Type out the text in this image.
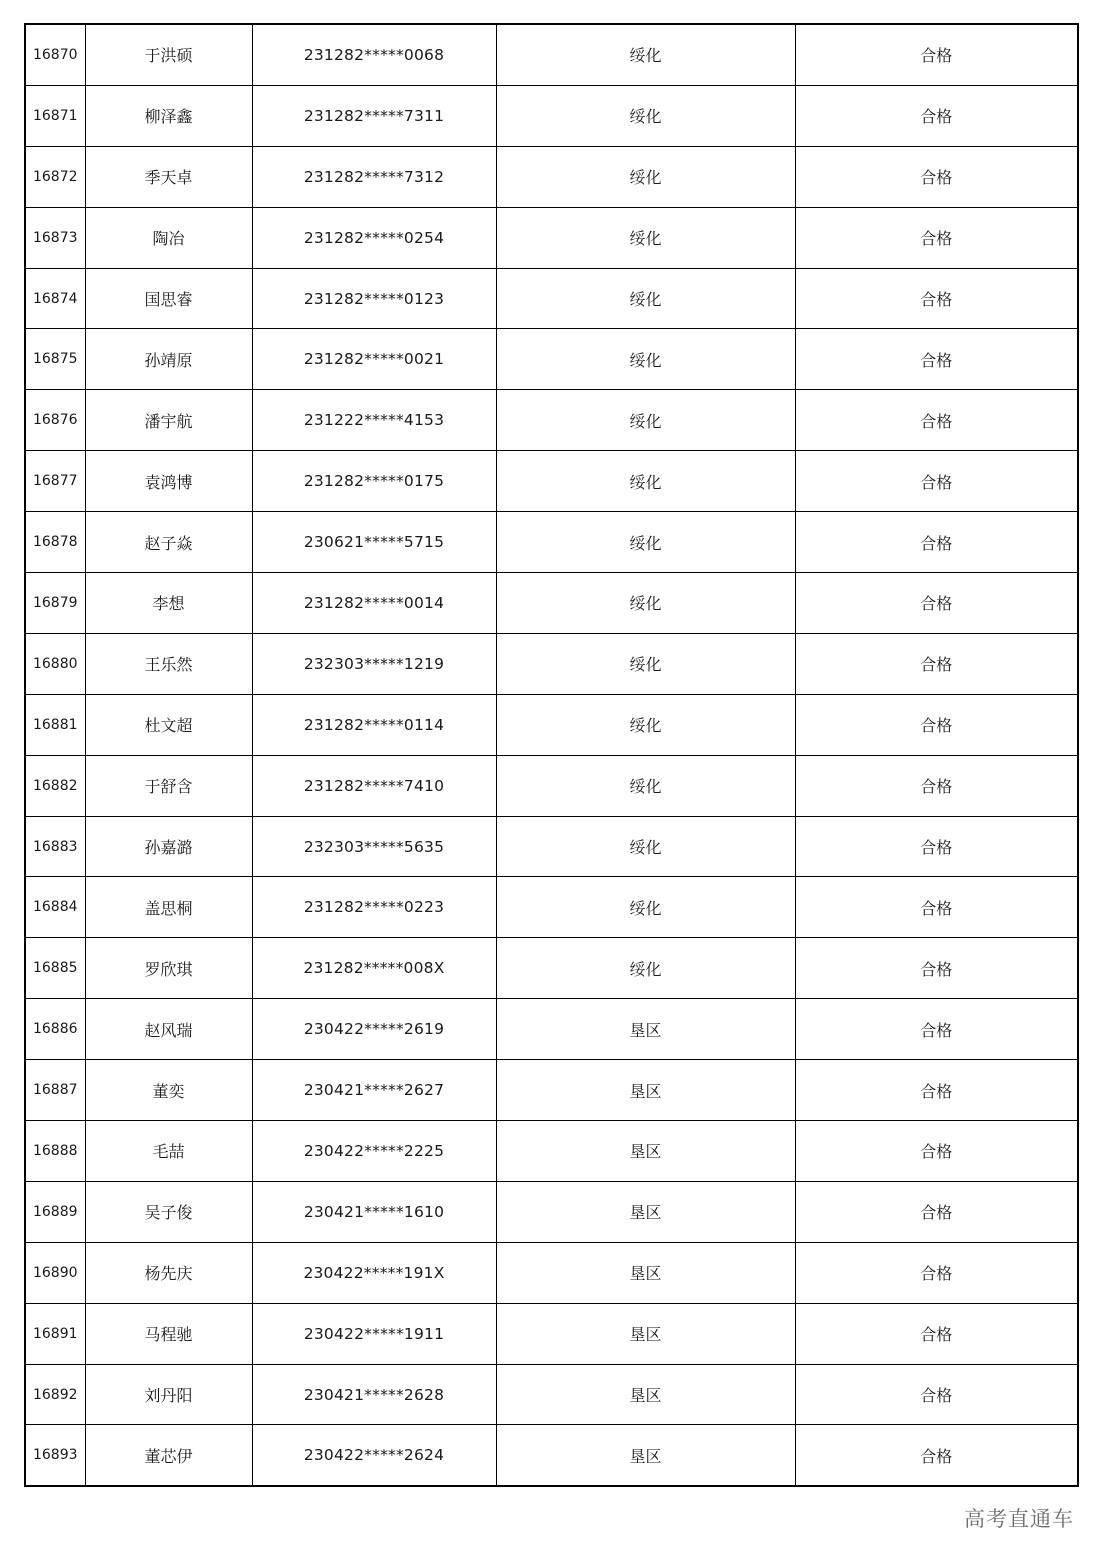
16870	于洪硕	231282*****0068	绥化	合格
16871	柳泽鑫	231282*****7311	绥化	合格
16872	季天卓	231282*****7312	绥化	合格
16873	陶冶	231282*****0254	绥化	合格
16874	国思睿	231282*****0123	绥化	合格
16875	孙靖原	231282*****0021	绥化	合格
16876	潘宇航	231222*****4153	绥化	合格
16877	袁鸿博	231282*****0175	绥化	合格
16878	赵子焱	230621*****5715	绥化	合格
16879	李想	231282*****0014	绥化	合格
16880	王乐然	232303*****1219	绥化	合格
16881	杜文超	231282*****0114	绥化	合格
16882	于舒含	231282*****7410	绥化	合格
16883	孙嘉潞	232303*****5635	绥化	合格
16884	盖思桐	231282*****0223	绥化	合格
16885	罗欣琪	231282*****008X	绥化	合格
16886	赵风瑞	230422*****2619	垦区	合格
16887	董奕	230421*****2627	垦区	合格
16888	毛喆	230422*****2225	垦区	合格
16889	吴子俊	230421*****1610	垦区	合格
16890	杨先庆	230422*****191X	垦区	合格
16891	马程驰	230422*****1911	垦区	合格
16892	刘丹阳	230421*****2628	垦区	合格
16893	董芯伊	230422*****2624	垦区	合格
高考直通车
